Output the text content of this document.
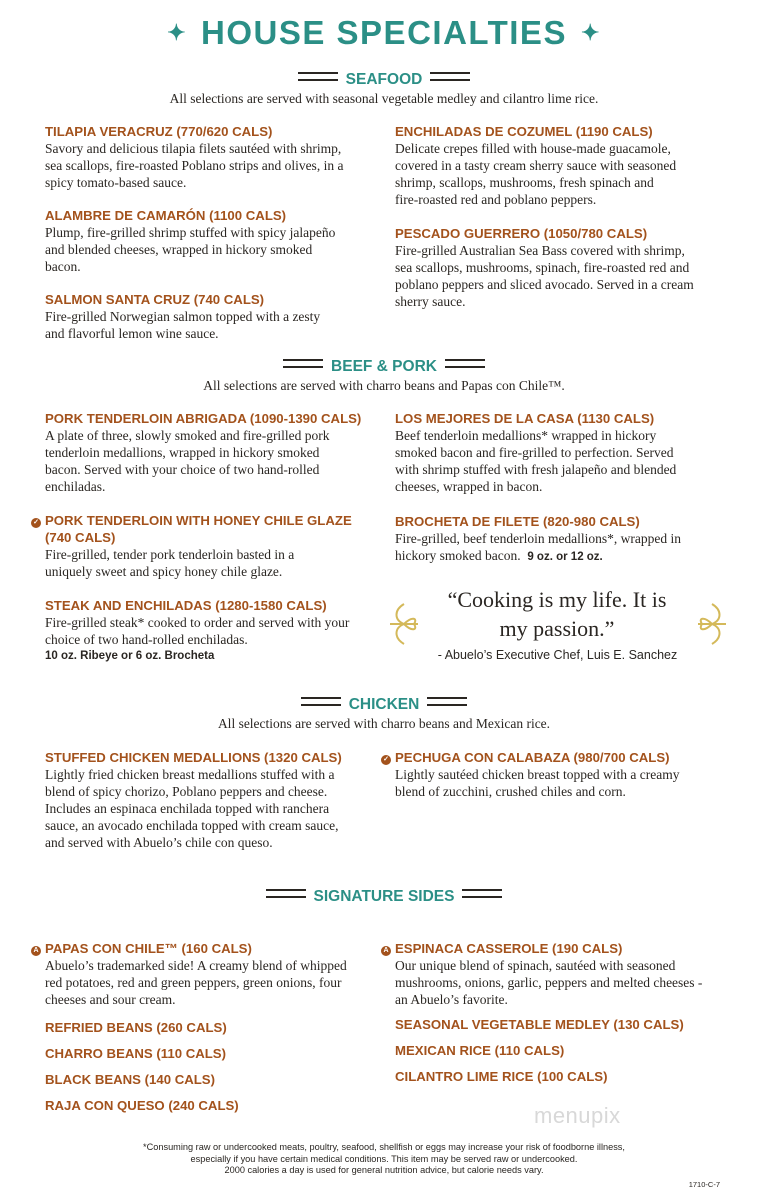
✦ HOUSE SPECIALTIES ✦
SEAFOOD
All selections are served with seasonal vegetable medley and cilantro lime rice.
TILAPIA VERACRUZ (770/620 CALS)
Savory and delicious tilapia filets sautéed with shrimp,
sea scallops, fire-roasted Poblano strips and olives, in a
spicy tomato-based sauce.
ALAMBRE DE CAMARÓN (1100 CALS)
Plump, fire-grilled shrimp stuffed with spicy jalapeño
and blended cheeses, wrapped in hickory smoked
bacon.
SALMON SANTA CRUZ (740 CALS)
Fire-grilled Norwegian salmon topped with a zesty
and flavorful lemon wine sauce.
ENCHILADAS DE COZUMEL (1190 CALS)
Delicate crepes filled with house-made guacamole,
covered in a tasty cream sherry sauce with seasoned
shrimp, scallops, mushrooms, fresh spinach and
fire-roasted red and poblano peppers.
PESCADO GUERRERO (1050/780 CALS)
Fire-grilled Australian Sea Bass covered with shrimp,
sea scallops, mushrooms, spinach, fire-roasted red and
poblano peppers and sliced avocado. Served in a cream
sherry sauce.
BEEF & PORK
All selections are served with charro beans and Papas con Chile™.
PORK TENDERLOIN ABRIGADA (1090-1390 CALS)
A plate of three, slowly smoked and fire-grilled pork
tenderloin medallions, wrapped in hickory smoked
bacon. Served with your choice of two hand-rolled
enchiladas.
✓ PORK TENDERLOIN WITH HONEY CHILE GLAZE
(740 CALS)
Fire-grilled, tender pork tenderloin basted in a
uniquely sweet and spicy honey chile glaze.
STEAK AND ENCHILADAS (1280-1580 CALS)
Fire-grilled steak* cooked to order and served with your
choice of two hand-rolled enchiladas.
10 oz. Ribeye or 6 oz. Brocheta
LOS MEJORES DE LA CASA (1130 CALS)
Beef tenderloin medallions* wrapped in hickory
smoked bacon and fire-grilled to perfection. Served
with shrimp stuffed with fresh jalapeño and blended
cheeses, wrapped in bacon.
BROCHETA DE FILETE (820-980 CALS)
Fire-grilled, beef tenderloin medallions*, wrapped in
hickory smoked bacon. 9 oz. or 12 oz.
“Cooking is my life. It is
my passion.”
- Abuelo’s Executive Chef, Luis E. Sanchez
CHICKEN
All selections are served with charro beans and Mexican rice.
STUFFED CHICKEN MEDALLIONS (1320 CALS)
Lightly fried chicken breast medallions stuffed with a
blend of spicy chorizo, Poblano peppers and cheese.
Includes an espinaca enchilada topped with ranchera
sauce, an avocado enchilada topped with cream sauce,
and served with Abuelo’s chile con queso.
✓ PECHUGA CON CALABAZA (980/700 CALS)
Lightly sautéed chicken breast topped with a creamy
blend of zucchini, crushed chiles and corn.
SIGNATURE SIDES
A PAPAS CON CHILE™ (160 CALS)
Abuelo’s trademarked side! A creamy blend of whipped
red potatoes, red and green peppers, green onions, four
cheeses and sour cream.
REFRIED BEANS (260 CALS)
CHARRO BEANS (110 CALS)
BLACK BEANS (140 CALS)
RAJA CON QUESO (240 CALS)
A ESPINACA CASSEROLE (190 CALS)
Our unique blend of spinach, sautéed with seasoned
mushrooms, onions, garlic, peppers and melted cheeses -
an Abuelo’s favorite.
SEASONAL VEGETABLE MEDLEY (130 CALS)
MEXICAN RICE (110 CALS)
CILANTRO LIME RICE (100 CALS)
menupix
*Consuming raw or undercooked meats, poultry, seafood, shellfish or eggs may increase your risk of foodborne illness,
especially if you have certain medical conditions. This item may be served raw or undercooked.
2000 calories a day is used for general nutrition advice, but calorie needs vary.
1710-C-7
